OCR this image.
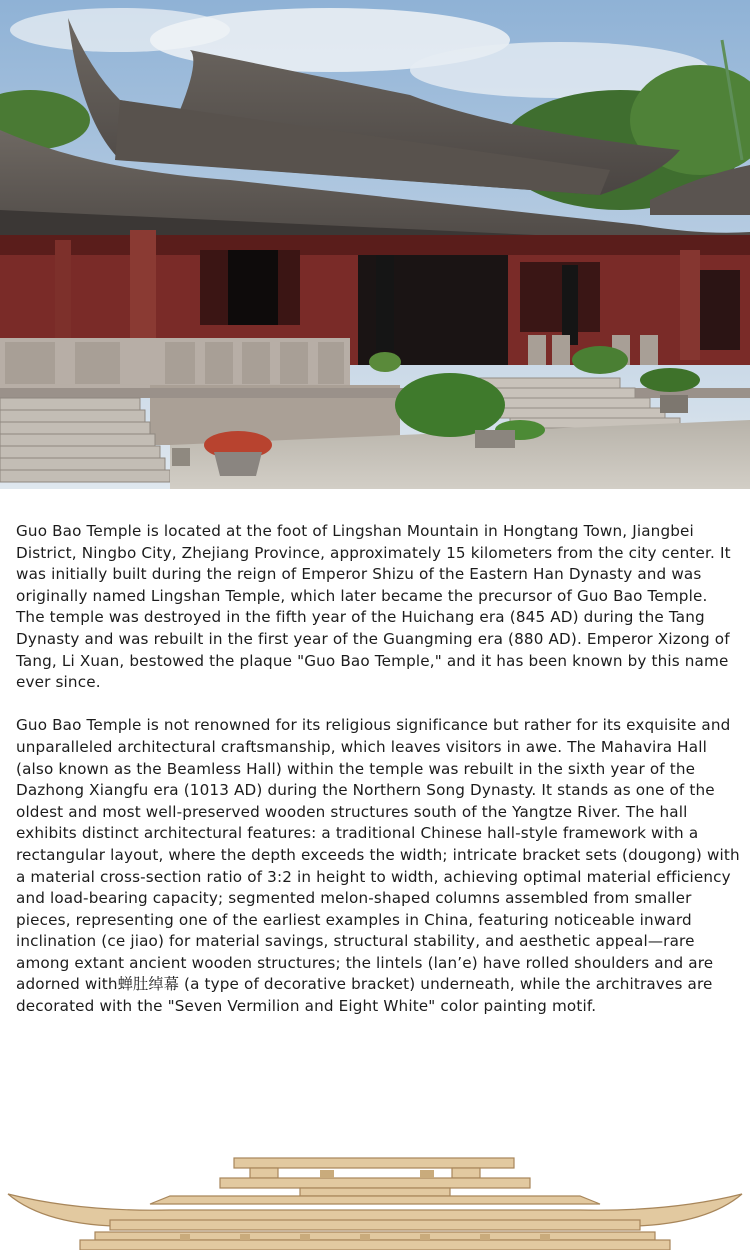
Guo Bao Temple is located at the foot of Lingshan Mountain in Hongtang Town, Jiangbei District, Ningbo City, Zhejiang Province, approximately 15 kilometers from the city center. It was initially built during the reign of Emperor Shizu of the Eastern Han Dynasty and was originally named Lingshan Temple, which later became the precursor of Guo Bao Temple. The temple was destroyed in the fifth year of the Huichang era (845 AD) during the Tang Dynasty and was rebuilt in the first year of the Guangming era (880 AD). Emperor Xizong of Tang, Li Xuan, bestowed the plaque "Guo Bao Temple," and it has been known by this name ever since.

Guo Bao Temple is not renowned for its religious significance but rather for its exquisite and unparalleled architectural craftsmanship, which leaves visitors in awe. The Mahavira Hall (also known as the Beamless Hall) within the temple was rebuilt in the sixth year of the Dazhong Xiangfu era (1013 AD) during the Northern Song Dynasty. It stands as one of the oldest and most well-preserved wooden structures south of the Yangtze River. The hall exhibits distinct architectural features: a traditional Chinese hall-style framework with a rectangular layout, where the depth exceeds the width; intricate bracket sets (dougong) with a material cross-section ratio of 3:2 in height to width, achieving optimal material efficiency and load-bearing capacity; segmented melon-shaped columns assembled from smaller pieces, representing one of the earliest examples in China, featuring noticeable inward inclination (ce jiao) for material savings, structural stability, and aesthetic appeal—rare among extant ancient wooden structures; the lintels (lan’e) have rolled shoulders and are adorned with蝉肚绰幕 (a type of decorative bracket) underneath, while the architraves are decorated with the "Seven Vermilion and Eight White" color painting motif.
